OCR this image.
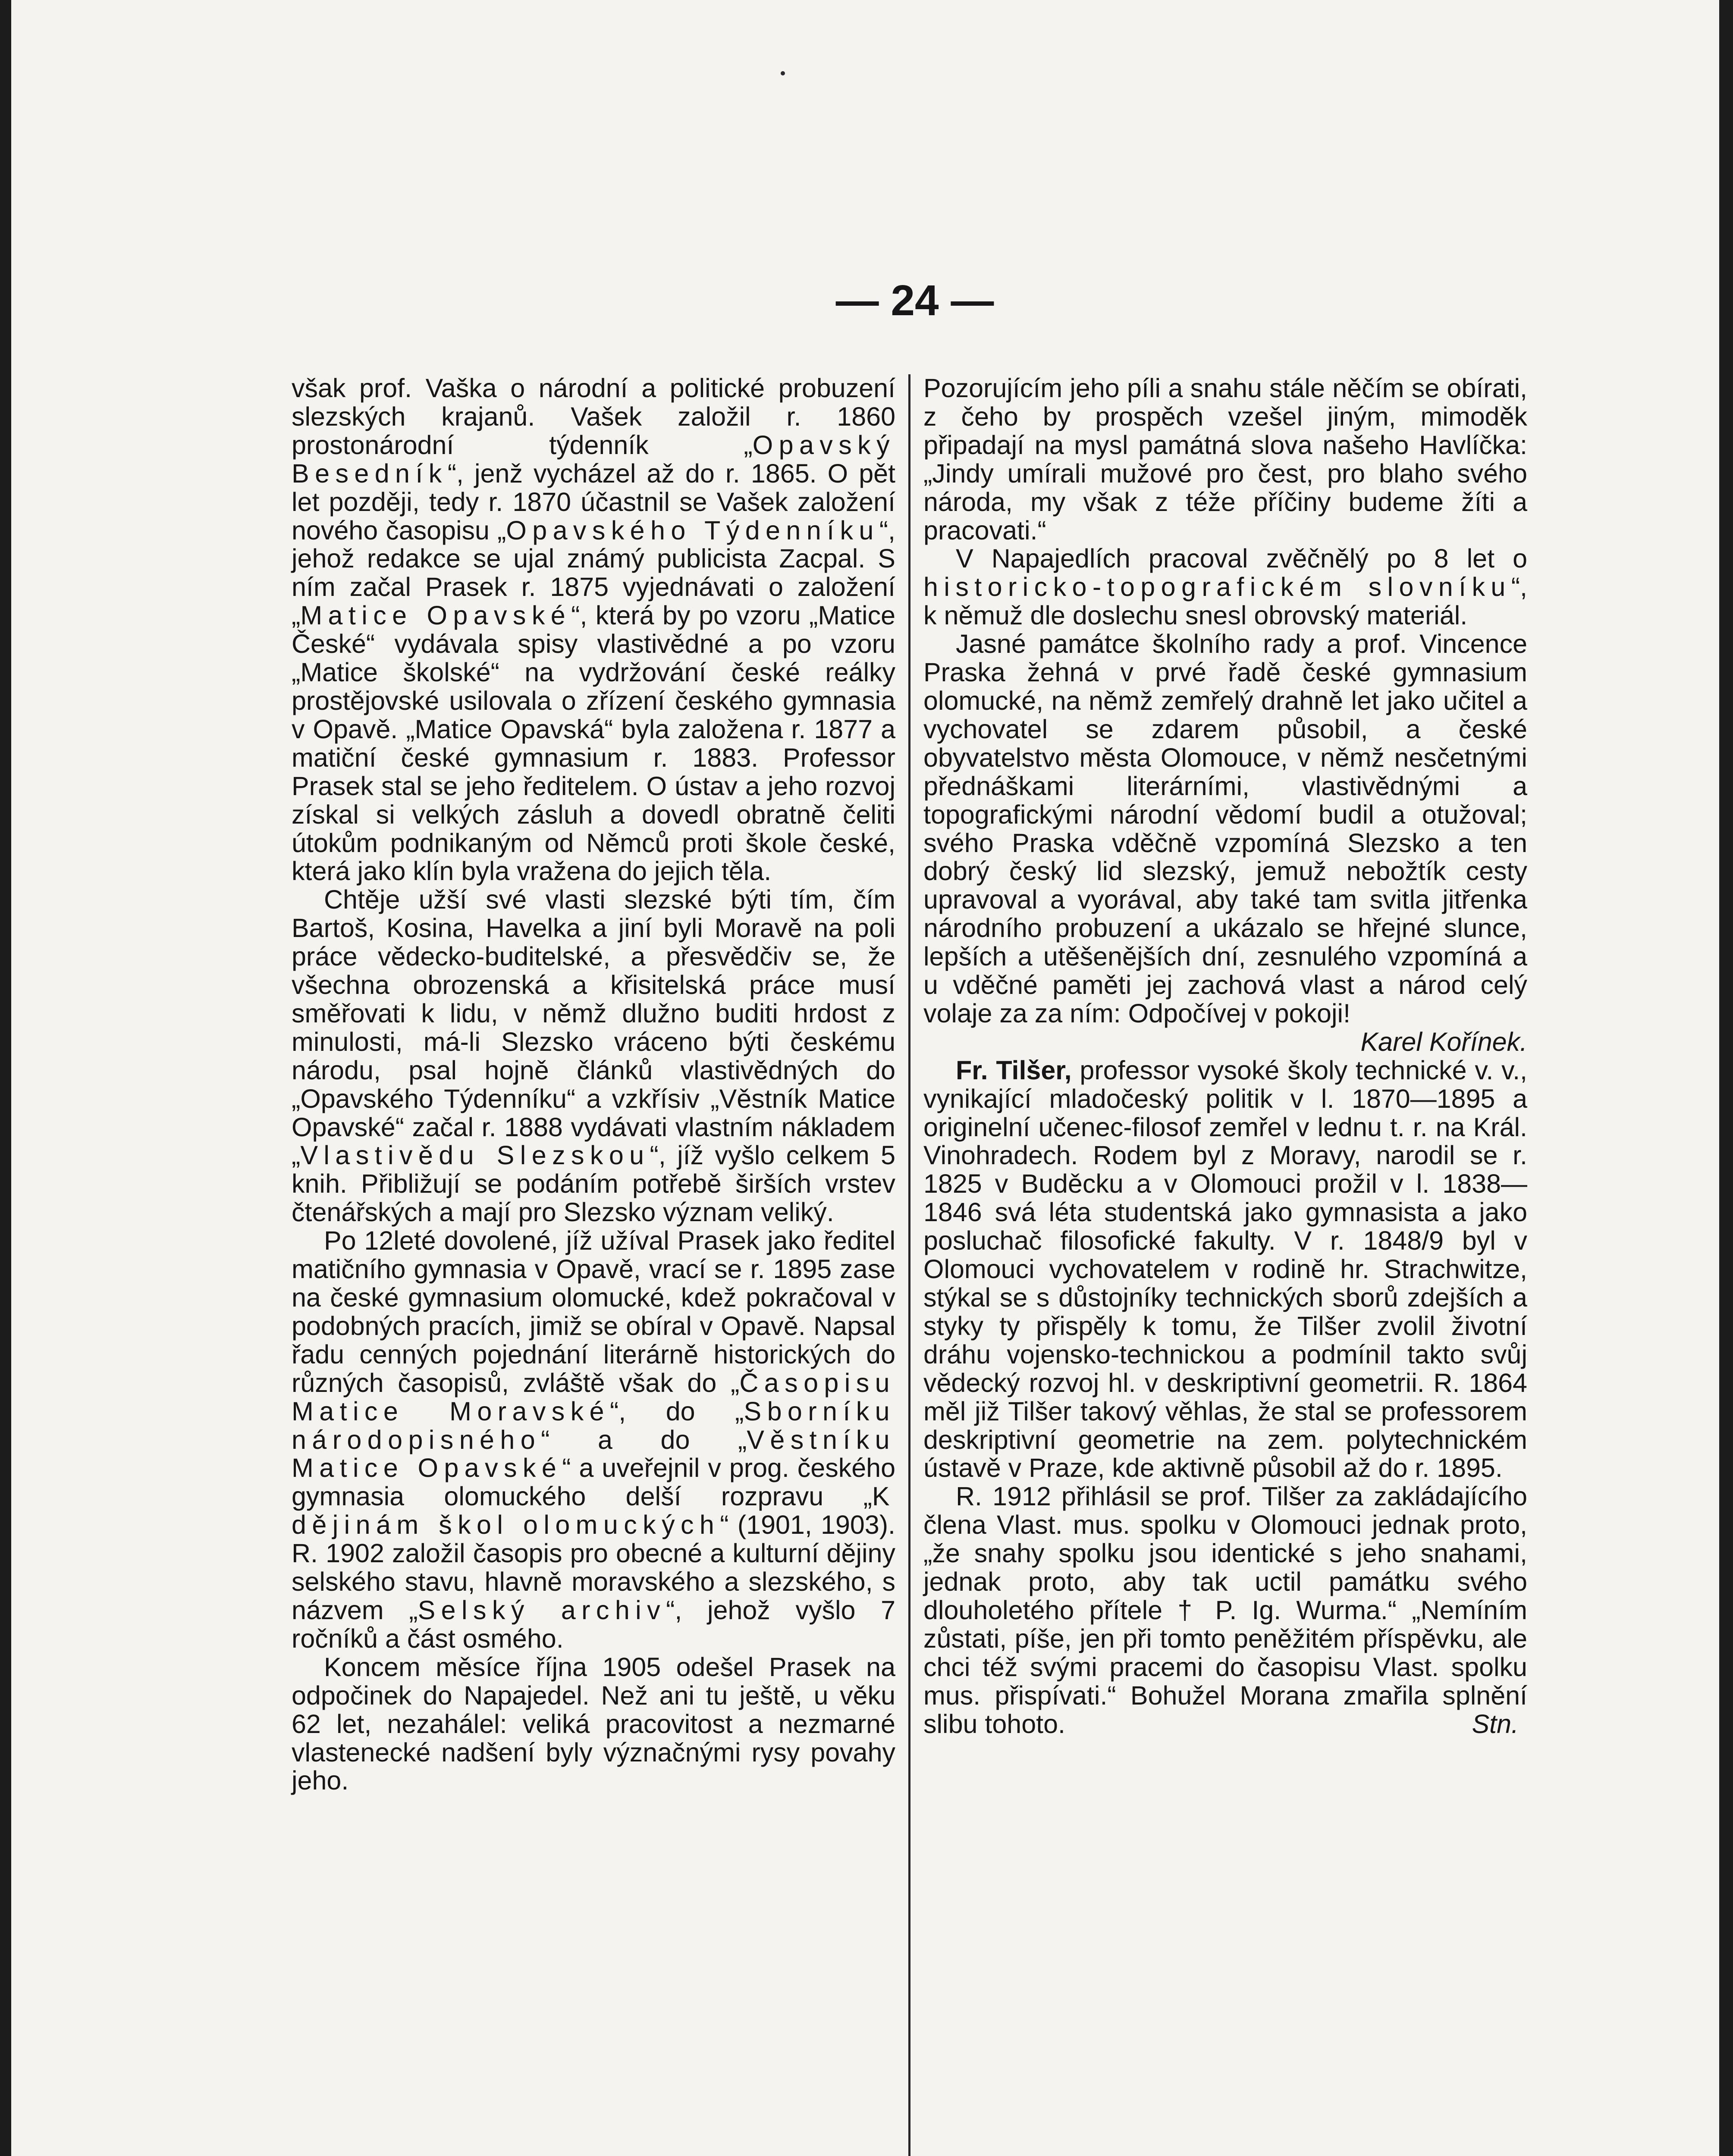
— 24 —

však prof. Vaška o národní a politické probuzení slezských krajanů. Vašek založil r. 1860 prostonárodní týdenník „Opavský Besedník“, jenž vycházel až do r. 1865. O pět let později, tedy r. 1870 účastnil se Vašek založení nového časopisu „Opavského Týdenníku“, jehož redakce se ujal známý publicista Zacpal. S ním začal Prasek r. 1875 vyjednávati o založení „Matice Opavské“, která by po vzoru „Matice České“ vydávala spisy vlastivědné a po vzoru „Matice školské“ na vydržování české reálky prostějovské usilovala o zřízení českého gymnasia v Opavě. „Matice Opavská“ byla založena r. 1877 a matiční české gymnasium r. 1883. Professor Prasek stal se jeho ředitelem. O ústav a jeho rozvoj získal si velkých zásluh a dovedl obratně čeliti útokům podnikaným od Němců proti škole české, která jako klín byla vražena do jejich těla.

Chtěje užší své vlasti slezské býti tím, čím Bartoš, Kosina, Havelka a jiní byli Moravě na poli práce vědecko-buditelské, a přesvědčiv se, že všechna obrozenská a křisitelská práce musí směřovati k lidu, v němž dlužno buditi hrdost z minulosti, má-li Slezsko vráceno býti českému národu, psal hojně článků vlastivědných do „Opavského Týdenníku“ a vzkřísiv „Věstník Matice Opavské“ začal r. 1888 vydávati vlastním nákladem „Vlastivědu Slezskou“, jíž vyšlo celkem 5 knih. Přibližují se podáním potřebě širších vrstev čtenářských a mají pro Slezsko význam veliký.

Po 12leté dovolené, jíž užíval Prasek jako ředitel matičního gymnasia v Opavě, vrací se r. 1895 zase na české gymnasium olomucké, kdež pokračoval v podobných pracích, jimiž se obíral v Opavě. Napsal řadu cenných pojednání literárně historických do různých časopisů, zvláště však do „Časopisu Matice Moravské“, do „Sborníku národopisného“ a do „Věstníku Matice Opavské“ a uveřejnil v prog. českého gymnasia olomuckého delší rozpravu „K dějinám škol olomuckých“ (1901, 1903). R. 1902 založil časopis pro obecné a kulturní dějiny selského stavu, hlavně moravského a slezského, s názvem „Selský archiv“, jehož vyšlo 7 ročníků a část osmého.

Koncem měsíce října 1905 odešel Prasek na odpočinek do Napajedel. Než ani tu ještě, u věku 62 let, nezahálel: veliká pracovitost a nezmarné vlastenecké nadšení byly význačnými rysy povahy jeho.

Pozorujícím jeho píli a snahu stále něčím se obírati, z čeho by prospěch vzešel jiným, mimoděk připadají na mysl památná slova našeho Havlíčka: „Jindy umírali mužové pro čest, pro blaho svého národa, my však z téže příčiny budeme žíti a pracovati.“

V Napajedlích pracoval zvěčnělý po 8 let o historicko-topografickém slovníku“, k němuž dle doslechu snesl obrovský materiál.

Jasné památce školního rady a prof. Vincence Praska žehná v prvé řadě české gymnasium olomucké, na němž zemřelý drahně let jako učitel a vychovatel se zdarem působil, a české obyvatelstvo města Olomouce, v němž nesčetnými přednáškami literárními, vlastivědnými a topografickými národní vědomí budil a otužoval; svého Praska vděčně vzpomíná Slezsko a ten dobrý český lid slezský, jemuž nebožtík cesty upravoval a vyorával, aby také tam svitla jitřenka národního probuzení a ukázalo se hřejné slunce, lepších a utěšenějších dní, zesnulého vzpomíná a u vděčné paměti jej zachová vlast a národ celý volaje za za ním: Odpočívej v pokoji!

Karel Kořínek.

Fr. Tilšer, professor vysoké školy technické v. v., vynikající mladočeský politik v l. 1870—1895 a originelní učenec-filosof zemřel v lednu t. r. na Král. Vinohradech. Rodem byl z Moravy, narodil se r. 1825 v Buděcku a v Olomouci prožil v l. 1838—1846 svá léta studentská jako gymnasista a jako posluchač filosofické fakulty. V r. 1848/9 byl v Olomouci vychovatelem v rodině hr. Strachwitze, stýkal se s důstojníky technických sborů zdejších a styky ty přispěly k tomu, že Tilšer zvolil životní dráhu vojensko-technickou a podmínil takto svůj vědecký rozvoj hl. v deskriptivní geometrii. R. 1864 měl již Tilšer takový věhlas, že stal se professorem deskriptivní geometrie na zem. polytechnickém ústavě v Praze, kde aktivně působil až do r. 1895.

R. 1912 přihlásil se prof. Tilšer za zakládajícího člena Vlast. mus. spolku v Olomouci jednak proto, „že snahy spolku jsou identické s jeho snahami, jednak proto, aby tak uctil památku svého dlouholetého přítele † P. Ig. Wurma.“ „Nemíním zůstati, píše, jen při tomto peněžitém příspěvku, ale chci též svými pracemi do časopisu Vlast. spolku mus. přispívati.“ Bohužel Morana zmařila splnění slibu tohoto.	Stn.
